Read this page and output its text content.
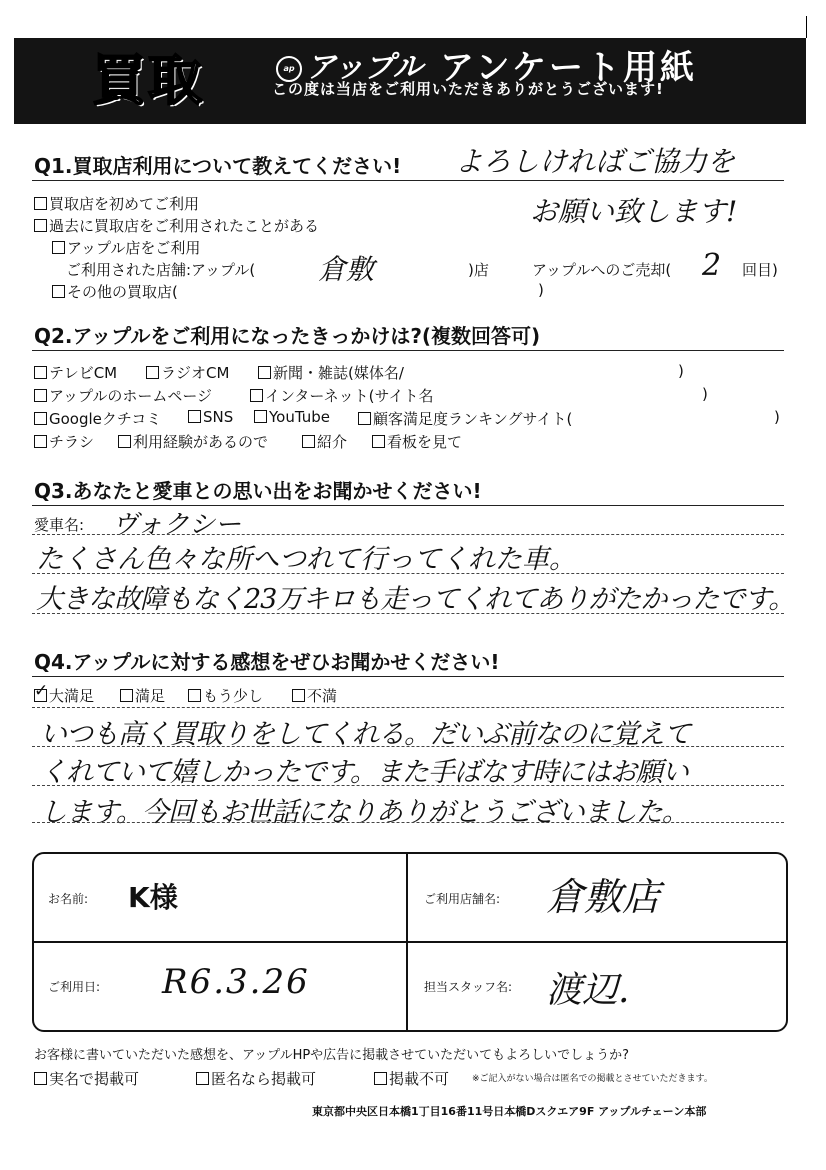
買取	ap アップル アンケート用紙
この度は当店をご利用いただきありがとうございます!
Q1.買取店利用について教えてください! よろしければご協力を
お願い致します!
買取店を初めてご利用
過去に買取店をご利用されたことがある
アップル店をご利用
ご利用された店舗:アップル( 倉敷	)店	アップルへのご売却( 2 回目)
その他の買取店(	)
Q2.アップルをご利用になったきっかけは?(複数回答可)
テレビCM	ラジオCM	新聞・雑誌(媒体名/	)
アップルのホームページ	インターネット(サイト名	)
Googleクチコミ	SNS	YouTube	顧客満足度ランキングサイト(	)
チラシ	利用経験があるので	紹介	看板を見て
Q3.あなたと愛車との思い出をお聞かせください!
愛車名: ヴォクシー
たくさん色々な所へつれて行ってくれた車。
大きな故障もなく23万キロも走ってくれてありがたかったです。
Q4.アップルに対する感想をぜひお聞かせください!
✓ 大満足	満足	もう少し	不満
いつも高く買取りをしてくれる。だいぶ前なのに覚えて
くれていて嬉しかったです。また手ばなす時にはお願い
します。今回もお世話になりありがとうございました。
お名前: K様	ご利用店舗名: 倉敷店
ご利用日: R6.3.26	担当スタッフ名: 渡辺.
お客様に書いていただいた感想を、アップルHPや広告に掲載させていただいてもよろしいでしょうか?
実名で掲載可	匿名なら掲載可	掲載不可	※ご記入がない場合は匿名での掲載とさせていただきます。
東京都中央区日本橋1丁目16番11号日本橋Dスクエア9F アップルチェーン本部
